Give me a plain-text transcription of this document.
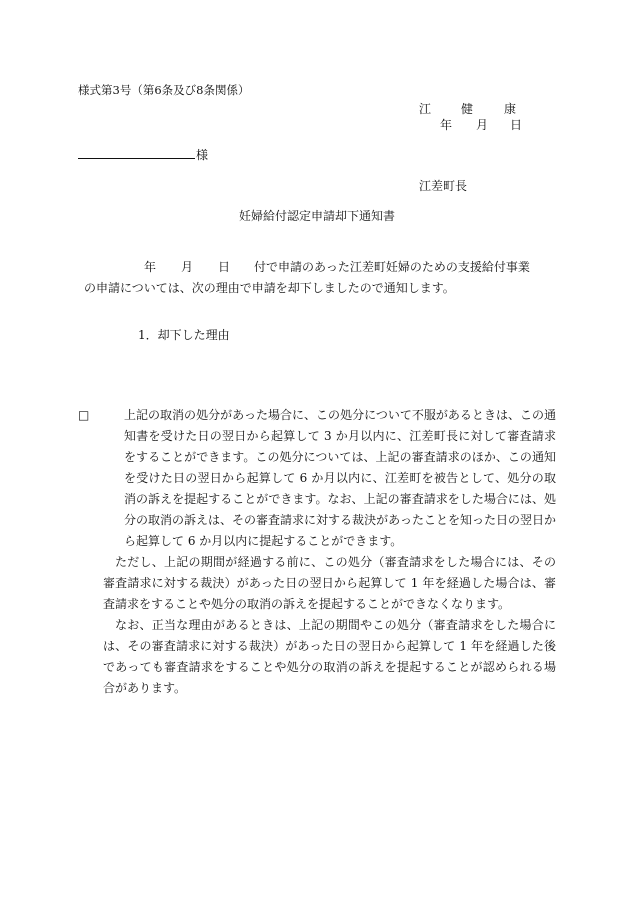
様式第3号（第6条及び8条関係）
江 健	康
年 月 日
様
江差町長
妊婦給付認定申請却下通知書

年 月 日 付で申請のあった江差町妊婦のための支援給付事業

の申請については、次の理由で申請を却下しましたので通知します。

1．却下した理由

□	上記の取消の処分があった場合に、この処分について不服があるときは、この通知書を受けた日の翌日から起算して 3 か月以内に、江差町長に対して審査請求をすることができます。この処分については、上記の審査請求のほか、この通知を受けた日の翌日から起算して 6 か月以内に、江差町を被告として、処分の取消の訴えを提起することができます。なお、上記の審査請求をした場合には、処分の取消の訴えは、その審査請求に対する裁決があったことを知った日の翌日から起算して 6 か月以内に提起することができます。

ただし、上記の期間が経過する前に、この処分（審査請求をした場合には、その審査請求に対する裁決）があった日の翌日から起算して 1 年を経過した場合は、審査請求をすることや処分の取消の訴えを提起することができなくなります。

なお、正当な理由があるときは、上記の期間やこの処分（審査請求をした場合には、その審査請求に対する裁決）があった日の翌日から起算して 1 年を経過した後であっても審査請求をすることや処分の取消の訴えを提起することが認められる場合があります。
